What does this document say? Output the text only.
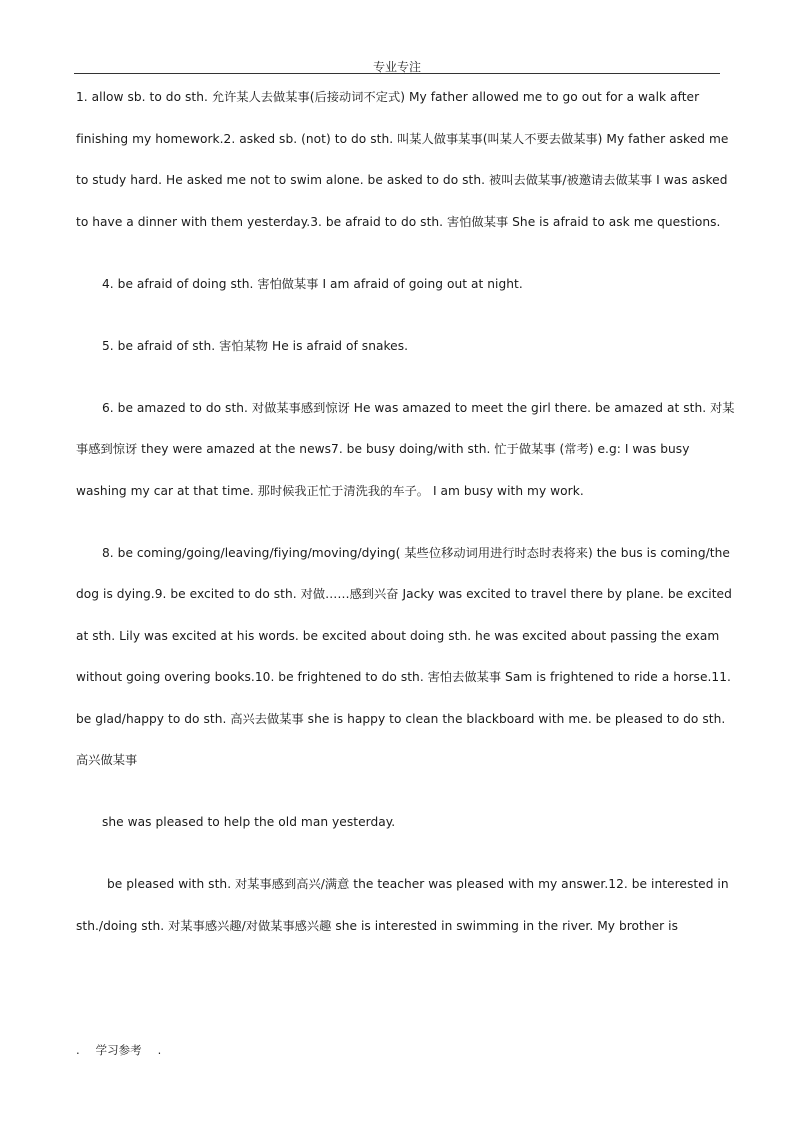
专业专注

1. allow sb. to do sth. 允许某人去做某事(后接动词不定式) My father allowed me to go out for a walk after finishing my homework.2. asked sb. (not) to do sth. 叫某人做事某事(叫某人不要去做某事) My father asked me to study hard. He asked me not to swim alone. be asked to do sth. 被叫去做某事/被邀请去做某事 I was asked to have a dinner with them yesterday.3. be afraid to do sth. 害怕做某事 She is afraid to ask me questions.

4. be afraid of doing sth. 害怕做某事 I am afraid of going out at night.

5. be afraid of sth. 害怕某物 He is afraid of snakes.

6. be amazed to do sth. 对做某事感到惊讶 He was amazed to meet the girl there. be amazed at sth. 对某事感到惊讶 they were amazed at the news7. be busy doing/with sth. 忙于做某事 (常考) e.g: I was busy washing my car at that time. 那时候我正忙于清洗我的车子。 I am busy with my work.

8. be coming/going/leaving/fiying/moving/dying( 某些位移动词用进行时态时表将来) the bus is coming/the dog is dying.9. be excited to do sth. 对做……感到兴奋 Jacky was excited to travel there by plane. be excited at sth. Lily was excited at his words. be excited about doing sth. he was excited about passing the exam without going overing books.10. be frightened to do sth. 害怕去做某事 Sam is frightened to ride a horse.11. be glad/happy to do sth. 高兴去做某事 she is happy to clean the blackboard with me. be pleased to do sth. 高兴做某事

she was pleased to help the old man yesterday.

be pleased with sth. 对某事感到高兴/满意 the teacher was pleased with my answer.12. be interested in sth./doing sth. 对某事感兴趣/对做某事感兴趣 she is interested in swimming in the river. My brother is

. 学习参考 .
